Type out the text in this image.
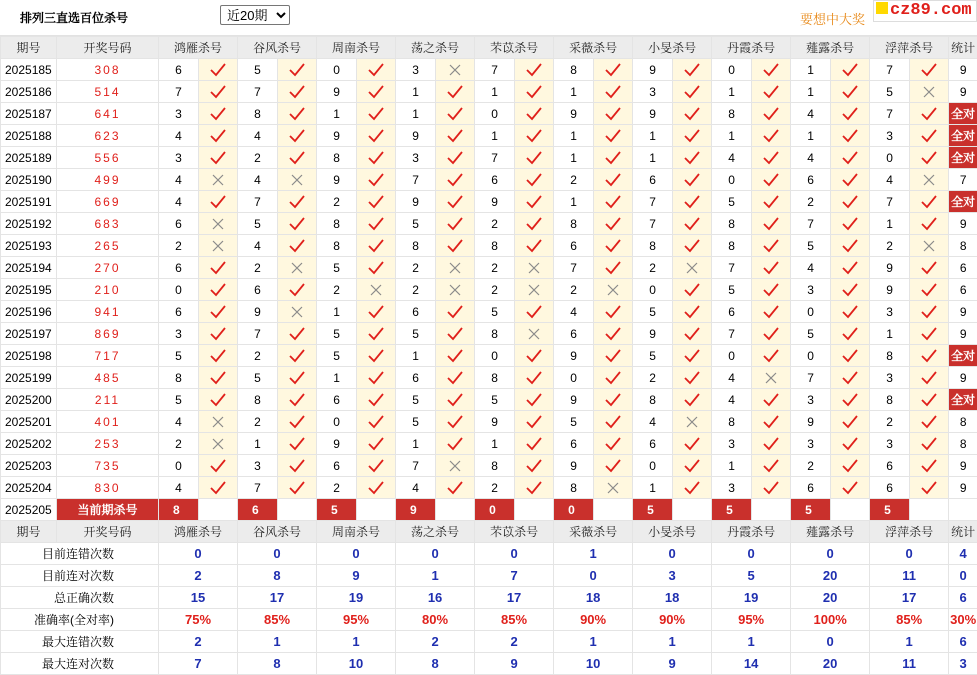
排列三直选百位杀号
近20期	要想中大奖	cz89.com
期号	开奖号码	鸿雁杀号		谷风杀号		周南杀号		荡之杀号		芣苡杀号		采薇杀号		小旻杀号		丹霞杀号		薤露杀号		浮萍杀号		统计
2025185	308	6		5		0		3		7		8		9		0		1		7		9
2025186	514	7		7		9		1		1		1		3		1		1		5		9
2025187	641	3		8		1		1		0		9		9		8		4		7		全对
2025188	623	4		4		9		9		1		1		1		1		1		3		全对
2025189	556	3		2		8		3		7		1		1		4		4		0		全对
2025190	499	4		4		9		7		6		2		6		0		6		4		7
2025191	669	4		7		2		9		9		1		7		5		2		7		全对
2025192	683	6		5		8		5		2		8		7		8		7		1		9
2025193	265	2		4		8		8		8		6		8		8		5		2		8
2025194	270	6		2		5		2		2		7		2		7		4		9		6
2025195	210	0		6		2		2		2		2		0		5		3		9		6
2025196	941	6		9		1		6		5		4		5		6		0		3		9
2025197	869	3		7		5		5		8		6		9		7		5		1		9
2025198	717	5		2		5		1		0		9		5		0		0		8		全对
2025199	485	8		5		1		6		8		0		2		4		7		3		9
2025200	211	5		8		6		5		5		9		8		4		3		8		全对
2025201	401	4		2		0		5		9		5		4		8		9		2		8
2025202	253	2		1		9		1		1		6		6		3		3		3		8
2025203	735	0		3		6		7		8		9		0		1		2		6		9
2025204	830	4		7		2		4		2		8		1		3		6		6		9
2025205	当前期杀号	8		6		5		9		0		0		5		5		5		5		
期号	开奖号码	鸿雁杀号		谷风杀号		周南杀号		荡之杀号		芣苡杀号		采薇杀号		小旻杀号		丹霞杀号		薤露杀号		浮萍杀号		统计
目前连错次数		0		0		0		0		0		1		0		0		0		0		4
目前连对次数		2		8		9		1		7		0		3		5		20		11		0
总正确次数		15		17		19		16		17		18		18		19		20		17		6
准确率(全对率)		75%		85%		95%		80%		85%		90%		90%		95%		100%		85%		30%
最大连错次数		2		1		1		2		2		1		1		1		0		1		6
最大连对次数		7		8		10		8		9		10		9		14		20		11		3
